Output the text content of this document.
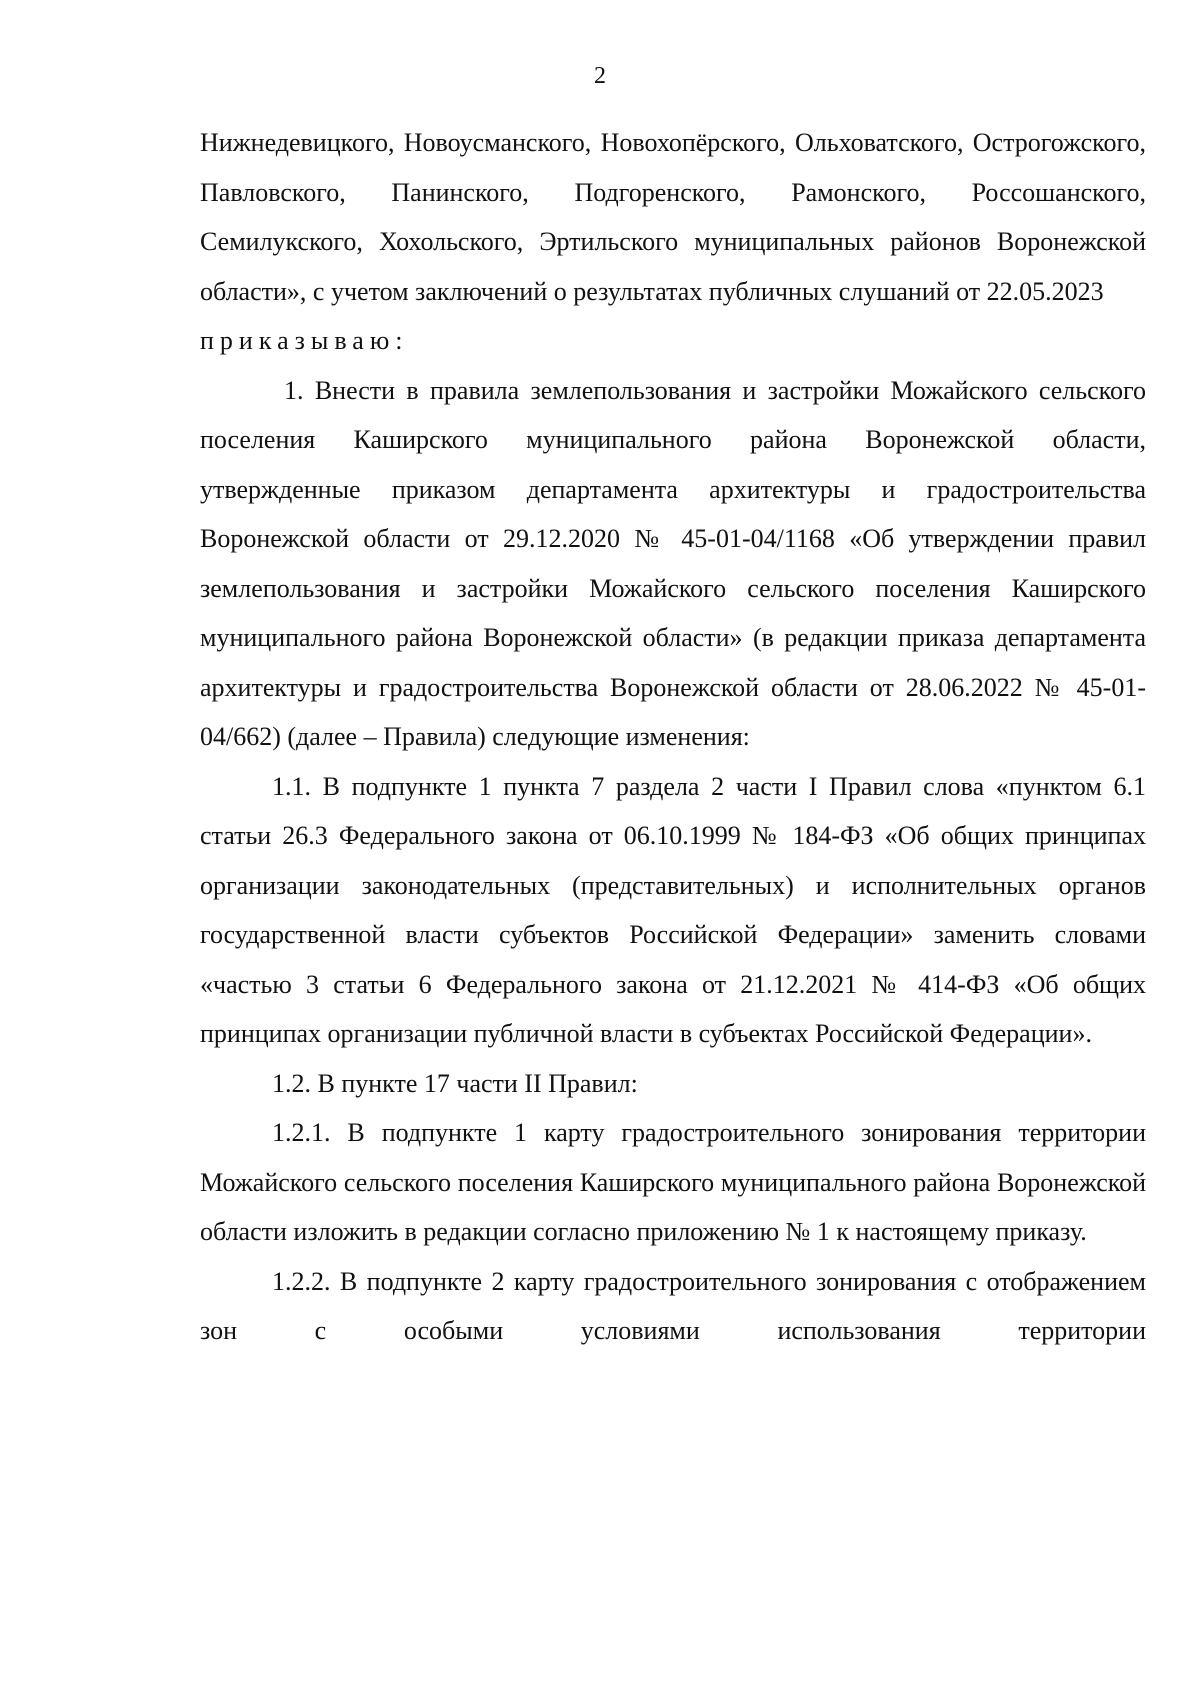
2

Нижнедевицкого, Новоусманского, Новохопёрского, Ольховатского, Острогожского, Павловского, Панинского, Подгоренского, Рамонского, Россошанского, Семилукского, Хохольского, Эртильского муниципальных районов Воронежской области», с учетом заключений о результатах публичных слушаний от 22.05.2023

приказываю:

1. Внести в правила землепользования и застройки Можайского сельского поселения Каширского муниципального района Воронежской области, утвержденные приказом департамента архитектуры и градостроительства Воронежской области от 29.12.2020 № 45-01-04/1168 «Об утверждении правил землепользования и застройки Можайского сельского поселения Каширского муниципального района Воронежской области» (в редакции приказа департамента архитектуры и градостроительства Воронежской области от 28.06.2022 № 45-01-04/662) (далее – Правила) следующие изменения:

1.1. В подпункте 1 пункта 7 раздела 2 части I Правил слова «пунктом 6.1 статьи 26.3 Федерального закона от 06.10.1999 № 184-ФЗ «Об общих принципах организации законодательных (представительных) и исполнительных органов государственной власти субъектов Российской Федерации» заменить словами «частью 3 статьи 6 Федерального закона от 21.12.2021 № 414-ФЗ «Об общих принципах организации публичной власти в субъектах Российской Федерации».

1.2. В пункте 17 части II Правил:

1.2.1. В подпункте 1 карту градостроительного зонирования территории Можайского сельского поселения Каширского муниципального района Воронежской области изложить в редакции согласно приложению № 1 к настоящему приказу.

1.2.2. В подпункте 2 карту градостроительного зонирования с отображением зон с особыми условиями использования территории
